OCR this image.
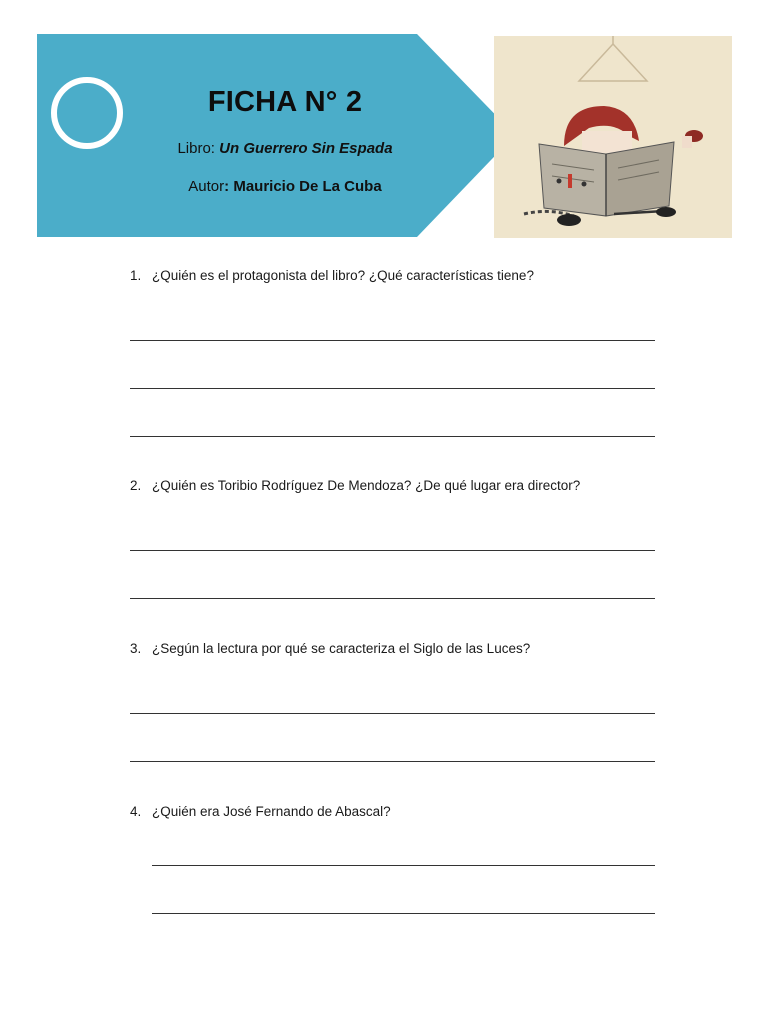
FICHA N° 2
Libro: Un Guerrero Sin Espada
Autor: Mauricio De La Cuba
1. ¿Quién es el protagonista del libro? ¿Qué características tiene?
2. ¿Quién es Toribio Rodríguez De Mendoza? ¿De qué lugar era director?
3. ¿Según la lectura por qué se caracteriza el Siglo de las Luces?
4. ¿Quién era José Fernando de Abascal?
